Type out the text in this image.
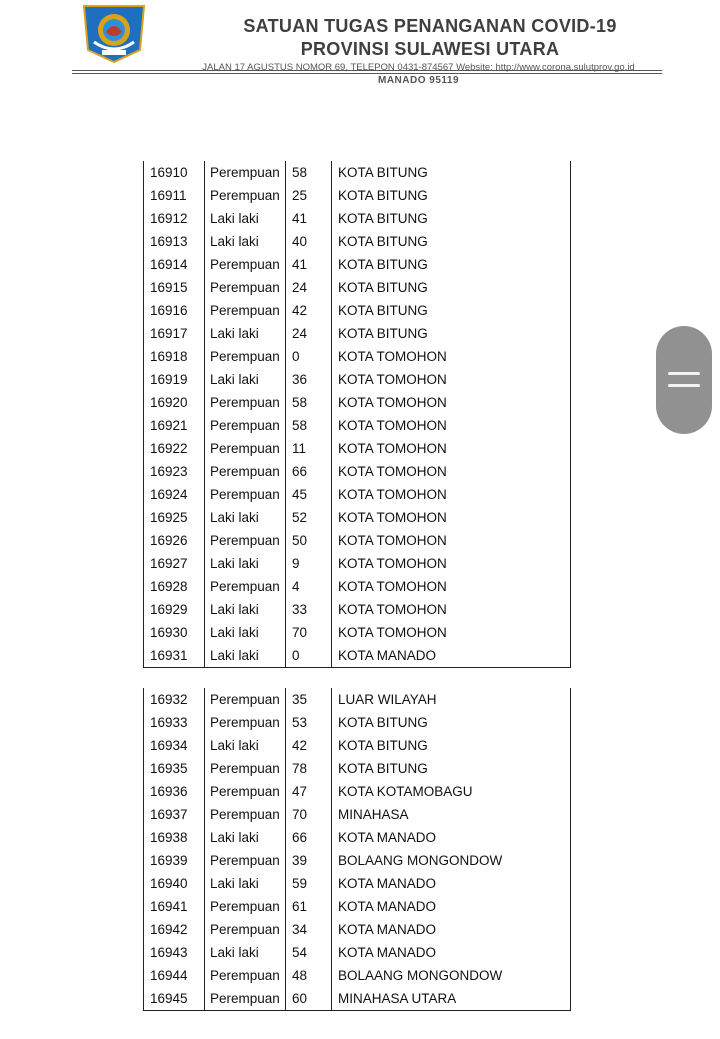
SATUAN TUGAS PENANGANAN COVID-19
PROVINSI SULAWESI UTARA
JALAN 17 AGUSTUS NOMOR 69, TELEPON 0431-874567 Website: http://www.corona.sulutprov.go.id
MANADO 95119
16910	Perempuan	58	KOTA BITUNG
16911	Perempuan	25	KOTA BITUNG
16912	Laki laki	41	KOTA BITUNG
16913	Laki laki	40	KOTA BITUNG
16914	Perempuan	41	KOTA BITUNG
16915	Perempuan	24	KOTA BITUNG
16916	Perempuan	42	KOTA BITUNG
16917	Laki laki	24	KOTA BITUNG
16918	Perempuan	0	KOTA TOMOHON
16919	Laki laki	36	KOTA TOMOHON
16920	Perempuan	58	KOTA TOMOHON
16921	Perempuan	58	KOTA TOMOHON
16922	Perempuan	11	KOTA TOMOHON
16923	Perempuan	66	KOTA TOMOHON
16924	Perempuan	45	KOTA TOMOHON
16925	Laki laki	52	KOTA TOMOHON
16926	Perempuan	50	KOTA TOMOHON
16927	Laki laki	9	KOTA TOMOHON
16928	Perempuan	4	KOTA TOMOHON
16929	Laki laki	33	KOTA TOMOHON
16930	Laki laki	70	KOTA TOMOHON
16931	Laki laki	0	KOTA MANADO
16932	Perempuan	35	LUAR WILAYAH
16933	Perempuan	53	KOTA BITUNG
16934	Laki laki	42	KOTA BITUNG
16935	Perempuan	78	KOTA BITUNG
16936	Perempuan	47	KOTA KOTAMOBAGU
16937	Perempuan	70	MINAHASA
16938	Laki laki	66	KOTA MANADO
16939	Perempuan	39	BOLAANG MONGONDOW
16940	Laki laki	59	KOTA MANADO
16941	Perempuan	61	KOTA MANADO
16942	Perempuan	34	KOTA MANADO
16943	Laki laki	54	KOTA MANADO
16944	Perempuan	48	BOLAANG MONGONDOW
16945	Perempuan	60	MINAHASA UTARA
